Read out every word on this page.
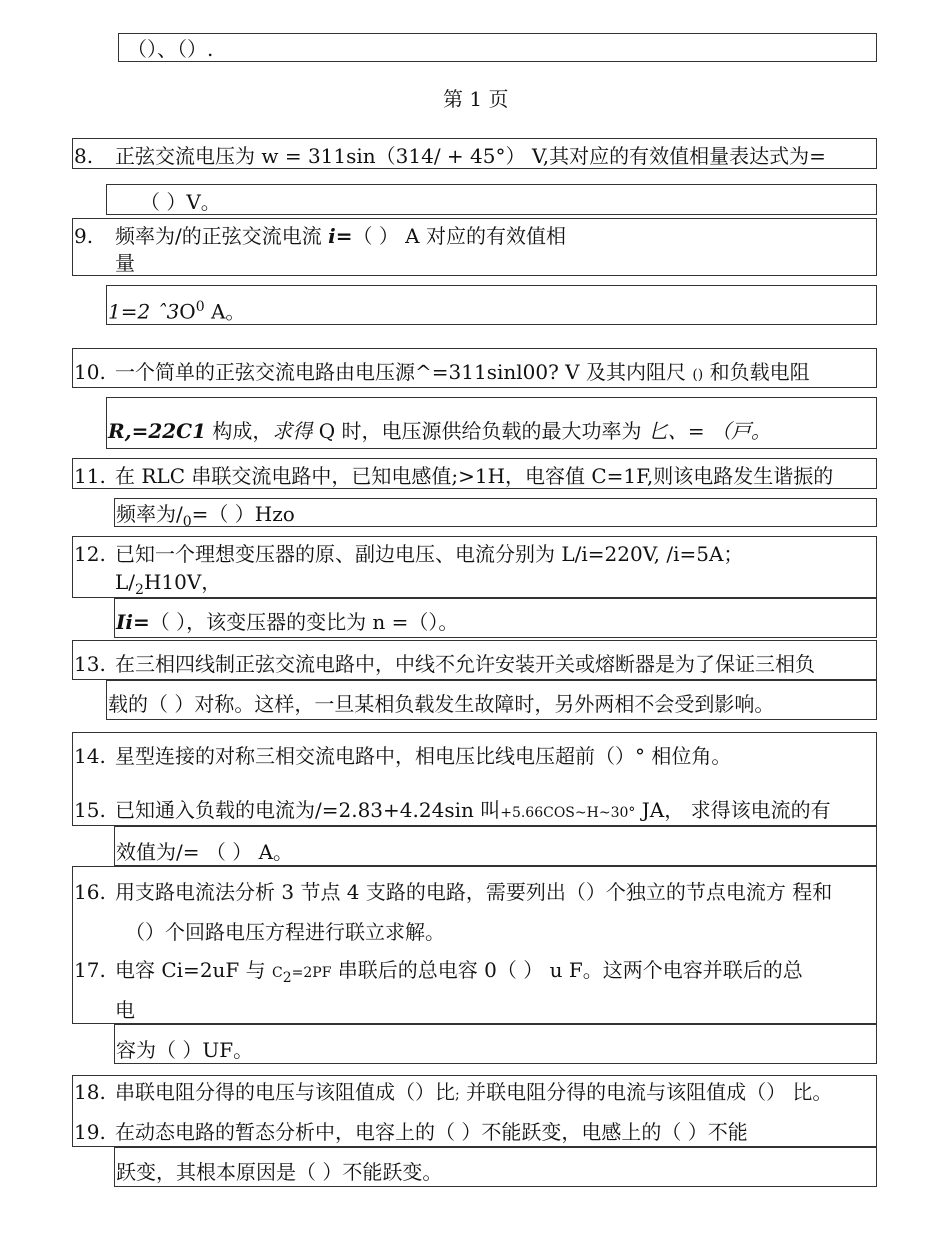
（）、（）.
第 1 页
8. 正弦交流电压为 w = 311sin（314/ + 45°） V,其对应的有效值相量表达式为=
（ ）V。
9. 频率为/的正弦交流电流 i=（ ） A 对应的有效值相
量
1=2 $ˆ3O^0$ A。
10. 一个简单的正弦交流电路由电压源^=311sinl00? V 及其内阻尺 () 和负载电阻
R,=22C1 构成，求得 Q 时，电压源供给负载的最大功率为 匕、= （戸。
11. 在 RLC 串联交流电路中，已知电感值;>1H，电容值 C=1F,则该电路发生谐振的
频率为$/_0=$（ ）Hzo
12. 已知一个理想变压器的原、副边电压、电流分别为 L/i=220V, /i=5A；
$L/_2H10V$，
Ii=（ ），该变压器的变比为 n =（）。
13. 在三相四线制正弦交流电路中，中线不允许安装开关或熔断器是为了保证三相负
载的（ ）对称。这样，一旦某相负载发生故障时，另外两相不会受到影响。
14. 星型连接的对称三相交流电路中，相电压比线电压超前（）° 相位角。
15. 已知通入负载的电流为/=2.83+4.24sin 叫+5.66COS~H~30° JA， 求得该电流的有
效值为/= （ ） A。
16. 用支路电流法分析 3 节点 4 支路的电路，需要列出（）个独立的节点电流方 程和
（）个回路电压方程进行联立求解。
17. 电容 Ci=2uF 与 $C_2=2PF$ 串联后的总电容 0（ ） u F。这两个电容并联后的总
电
容为（ ）UF。
18. 串联电阻分得的电压与该阻值成（）比; 并联电阻分得的电流与该阻值成（） 比。
19. 在动态电路的暂态分析中，电容上的（ ）不能跃变，电感上的（ ）不能
跃变，其根本原因是（ ）不能跃变。
